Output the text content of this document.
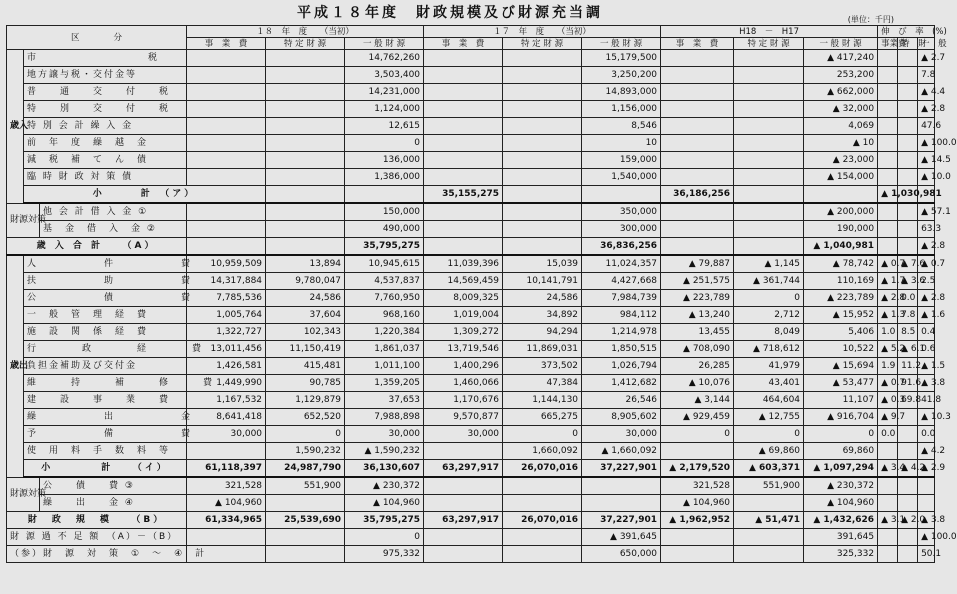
平成１８年度　財政規模及び財源充当調	(単位：千円)
区　　　　分			１８　年　度　　（当初）			１７　年　度　　（当初）			H18　－　H17			伸　び　率　(%)			
			事　業　費	特 定 財 源	一 般 財 源	事　業　費	特 定 財 源	一 般 財 源	事　業　費	特 定 財 源	一 般 財 源	事業費	特　財	一　般	
歳入	市　　　　　　　　　　税				14,762,260			15,179,500			▲ 417,240			▲ 2.7	
	地方譲与税・交付金等				3,503,400			3,250,200			253,200			7.8	
	普　　通　　交　　付　　税				14,231,000			14,893,000			▲ 662,000			▲ 4.4	
	特　　別　　交　　付　　税				1,124,000			1,156,000			▲ 32,000			▲ 2.8	
	特 別 会 計 繰 入 金				12,615			8,546			4,069			47.6	
	前　年　度　繰　越　金				0			10			▲ 10			▲ 100.0	
	減　税　補　て　ん　債				136,000			159,000			▲ 23,000			▲ 14.5	
	臨 時 財 政 対 策 債				1,386,000			1,540,000			▲ 154,000			▲ 10.0	
	小　　　計　（ア）					35,155,275			36,186,256			▲ 1,030,981			
財源対策		他 会 計 借 入 金 ①			150,000			350,000			▲ 200,000			▲ 57.1	
		基　金　借　入　金 ②			490,000			300,000			190,000			63.3	
歳 入 合 計　　（A）					35,795,275			36,836,256			▲ 1,040,981			▲ 2.8	
歳出	人　　　　　　件　　　　　　費		10,959,509	13,894	10,945,615	11,039,396	15,039	11,024,357	▲ 79,887	▲ 1,145	▲ 78,742	▲ 0.7	▲ 7.6	▲ 0.7	
	扶　　　　　　助　　　　　　費		14,317,884	9,780,047	4,537,837	14,569,459	10,141,791	4,427,668	▲ 251,575	▲ 361,744	110,169	▲ 1.7	▲ 3.6	2.5	
	公　　　　　　債　　　　　　費		7,785,536	24,586	7,760,950	8,009,325	24,586	7,984,739	▲ 223,789	0	▲ 223,789	▲ 2.8	0.0	▲ 2.8	
	一　般　管　理　経　費		1,005,764	37,604	968,160	1,019,004	34,892	984,112	▲ 13,240	2,712	▲ 15,952	▲ 1.3	7.8	▲ 1.6	
	施　設　関　係　経　費		1,322,727	102,343	1,220,384	1,309,272	94,294	1,214,978	13,455	8,049	5,406	1.0	8.5	0.4	
	行　　　　政　　　　経　　　　費		13,011,456	11,150,419	1,861,037	13,719,546	11,869,031	1,850,515	▲ 708,090	▲ 718,612	10,522	▲ 5.2	▲ 6.1	0.6	
	負担金補助及び交付金		1,426,581	415,481	1,011,100	1,400,296	373,502	1,026,794	26,285	41,979	▲ 15,694	1.9	11.2	▲ 1.5	
	維　　　持　　　補　　　修　　　費		1,449,990	90,785	1,359,205	1,460,066	47,384	1,412,682	▲ 10,076	43,401	▲ 53,477	▲ 0.7	91.6	▲ 3.8	
	建　　設　　事　　業　　費		1,167,532	1,129,879	37,653	1,170,676	1,144,130	26,546	▲ 3,144	464,604	11,107	▲ 0.3	69.8	41.8	
	繰　　　　　　出　　　　　　金		8,641,418	652,520	7,988,898	9,570,877	665,275	8,905,602	▲ 929,459	▲ 12,755	▲ 916,704	▲ 9.7		▲ 10.3	
	予　　　　　　備　　　　　　費		30,000	0	30,000	30,000	0	30,000	0	0	0	0.0		0.0	
	使　用　料　手　数　料　等			1,590,232	▲ 1,590,232		1,660,092	▲ 1,660,092		▲ 69,860	69,860			▲ 4.2	
	小　　　　計　　（イ）		61,118,397	24,987,790	36,130,607	63,297,917	26,070,016	37,227,901	▲ 2,179,520	▲ 603,371	▲ 1,097,294	▲ 3.4	▲ 4.2	▲ 2.9	
財源対策		公　　債　　費 ③	321,528	551,900	▲ 230,372				321,528	551,900	▲ 230,372				
		繰　　出　　金 ④	▲ 104,960		▲ 104,960				▲ 104,960		▲ 104,960				
財　政　規　模　　（B）			61,334,965	25,539,690	35,795,275	63,297,917	26,070,016	37,227,901	▲ 1,962,952	▲ 51,471	▲ 1,432,626	▲ 3.1	▲ 2.0	▲ 3.8	
財 源 過 不 足 額　（A）－（B）					0			▲ 391,645			391,645			▲ 100.0	
（参）財　源　対　策　①　～　④　計					975,332			650,000			325,332			50.1	
